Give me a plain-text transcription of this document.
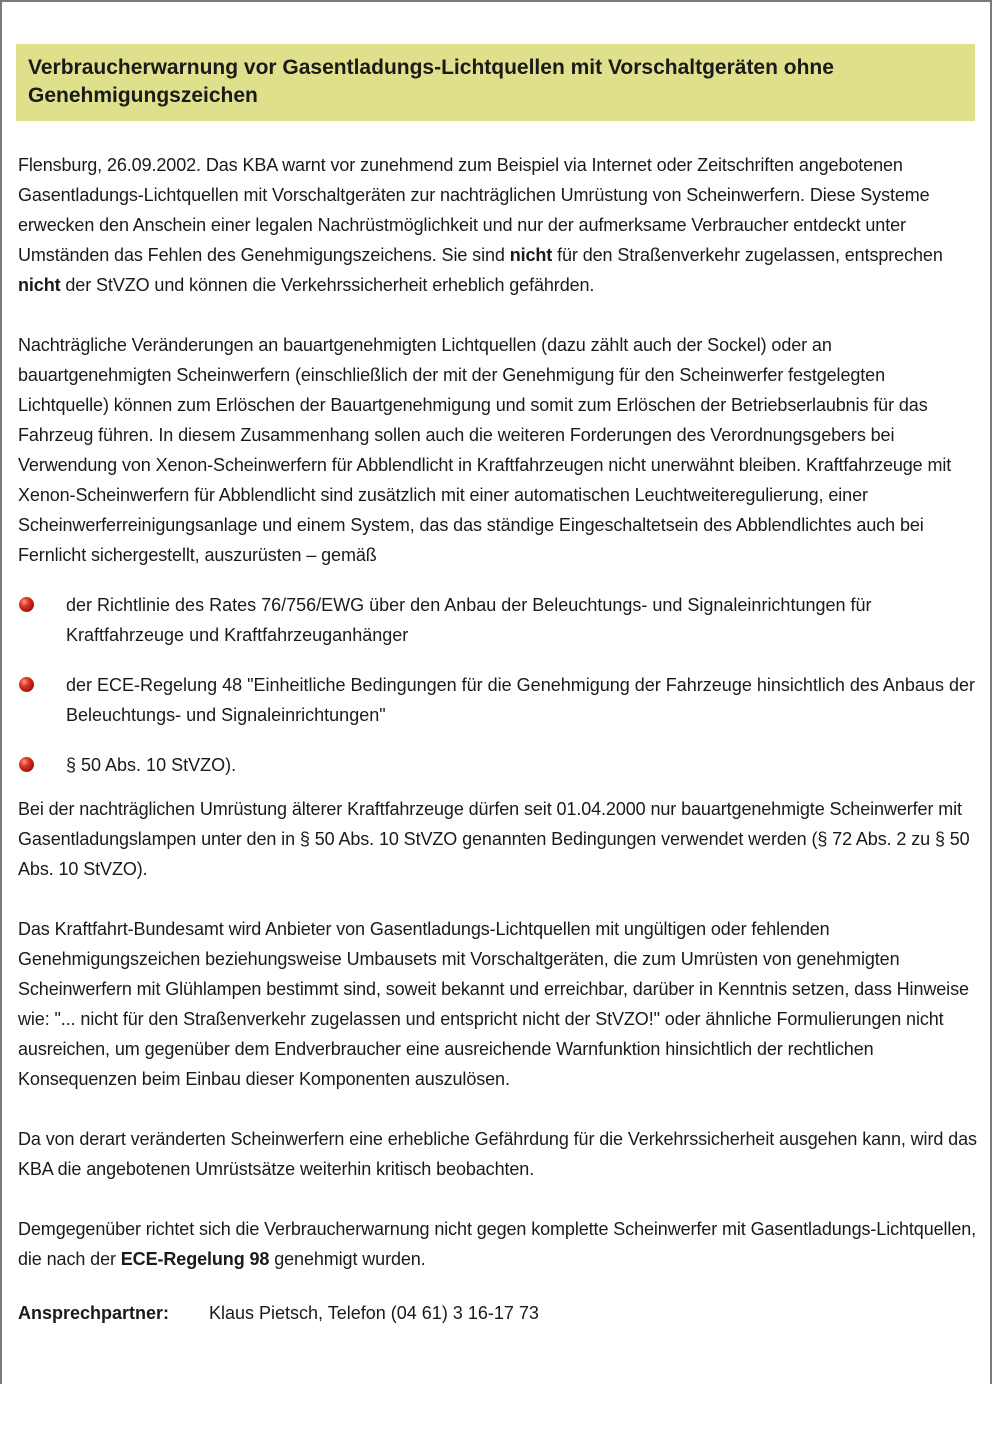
Verbraucherwarnung vor Gasentladungs-Lichtquellen mit Vorschaltgeräten ohne Genehmigungszeichen

Flensburg, 26.09.2002. Das KBA warnt vor zunehmend zum Beispiel via Internet oder Zeitschriften angebotenen Gasentladungs-Lichtquellen mit Vorschaltgeräten zur nachträglichen Umrüstung von Scheinwerfern. Diese Systeme erwecken den Anschein einer legalen Nachrüstmöglichkeit und nur der aufmerksame Verbraucher entdeckt unter Umständen das Fehlen des Genehmigungszeichens. Sie sind nicht für den Straßenverkehr zugelassen, entsprechen nicht der StVZO und können die Verkehrssicherheit erheblich gefährden.

Nachträgliche Veränderungen an bauartgenehmigten Lichtquellen (dazu zählt auch der Sockel) oder an bauartgenehmigten Scheinwerfern (einschließlich der mit der Genehmigung für den Scheinwerfer festgelegten Lichtquelle) können zum Erlöschen der Bauartgenehmigung und somit zum Erlöschen der Betriebserlaubnis für das Fahrzeug führen. In diesem Zusammenhang sollen auch die weiteren Forderungen des Verordnungsgebers bei Verwendung von Xenon-Scheinwerfern für Abblendlicht in Kraftfahrzeugen nicht unerwähnt bleiben. Kraftfahrzeuge mit Xenon-Scheinwerfern für Abblendlicht sind zusätzlich mit einer automatischen Leuchtweiteregulierung, einer Scheinwerferreinigungsanlage und einem System, das das ständige Eingeschaltetsein des Abblendlichtes auch bei Fernlicht sichergestellt, auszurüsten – gemäß

der Richtlinie des Rates 76/756/EWG über den Anbau der Beleuchtungs- und Signaleinrichtungen für Kraftfahrzeuge und Kraftfahrzeuganhänger
der ECE-Regelung 48 "Einheitliche Bedingungen für die Genehmigung der Fahrzeuge hinsichtlich des Anbaus der Beleuchtungs- und Signaleinrichtungen"
§ 50 Abs. 10 StVZO).

Bei der nachträglichen Umrüstung älterer Kraftfahrzeuge dürfen seit 01.04.2000 nur bauartgenehmigte Scheinwerfer mit Gasentladungslampen unter den in § 50 Abs. 10 StVZO genannten Bedingungen verwendet werden (§ 72 Abs. 2 zu § 50 Abs. 10 StVZO).

Das Kraftfahrt-Bundesamt wird Anbieter von Gasentladungs-Lichtquellen mit ungültigen oder fehlenden Genehmigungszeichen beziehungsweise Umbausets mit Vorschaltgeräten, die zum Umrüsten von genehmigten Scheinwerfern mit Glühlampen bestimmt sind, soweit bekannt und erreichbar, darüber in Kenntnis setzen, dass Hinweise wie: "... nicht für den Straßenverkehr zugelassen und entspricht nicht der StVZO!" oder ähnliche Formulierungen nicht ausreichen, um gegenüber dem Endverbraucher eine ausreichende Warnfunktion hinsichtlich der rechtlichen Konsequenzen beim Einbau dieser Komponenten auszulösen.

Da von derart veränderten Scheinwerfern eine erhebliche Gefährdung für die Verkehrssicherheit ausgehen kann, wird das KBA die angebotenen Umrüstsätze weiterhin kritisch beobachten.

Demgegenüber richtet sich die Verbraucherwarnung nicht gegen komplette Scheinwerfer mit Gasentladungs-Lichtquellen, die nach der ECE-Regelung 98 genehmigt wurden.

Ansprechpartner: Klaus Pietsch, Telefon (04 61) 3 16-17 73
